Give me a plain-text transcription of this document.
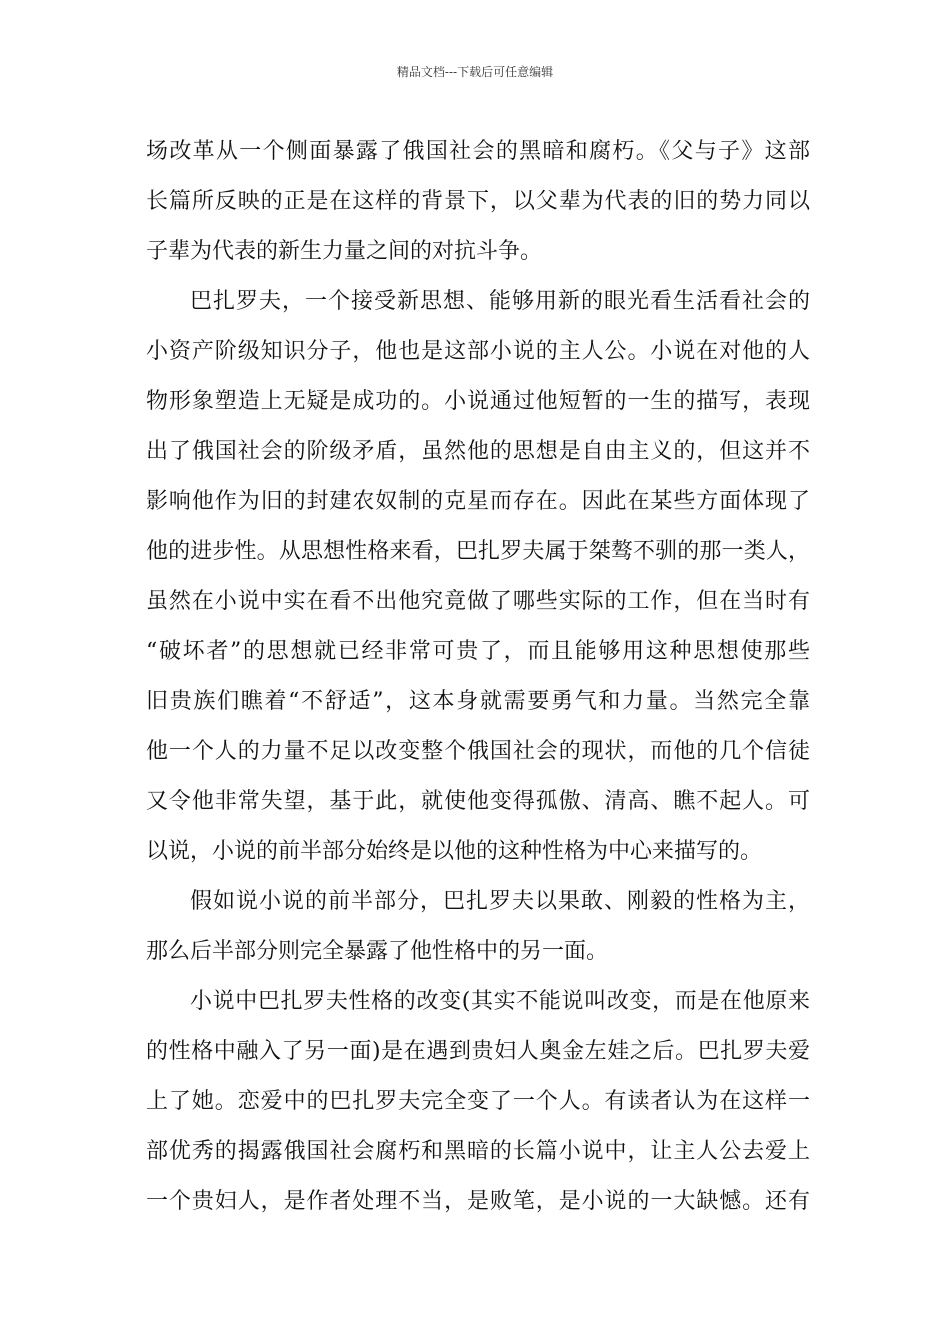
精品文档---下载后可任意编辑
场改革从一个侧面暴露了俄国社会的黑暗和腐朽。《父与子》这部
长篇所反映的正是在这样的背景下，以父辈为代表的旧的势力同以
子辈为代表的新生力量之间的对抗斗争。
巴扎罗夫，一个接受新思想、能够用新的眼光看生活看社会的
小资产阶级知识分子，他也是这部小说的主人公。小说在对他的人
物形象塑造上无疑是成功的。小说通过他短暂的一生的描写，表现
出了俄国社会的阶级矛盾，虽然他的思想是自由主义的，但这并不
影响他作为旧的封建农奴制的克星而存在。因此在某些方面体现了
他的进步性。从思想性格来看，巴扎罗夫属于桀骜不驯的那一类人，
虽然在小说中实在看不出他究竟做了哪些实际的工作，但在当时有
“破坏者”的思想就已经非常可贵了，而且能够用这种思想使那些
旧贵族们瞧着“不舒适”，这本身就需要勇气和力量。当然完全靠
他一个人的力量不足以改变整个俄国社会的现状，而他的几个信徒
又令他非常失望，基于此，就使他变得孤傲、清高、瞧不起人。可
以说，小说的前半部分始终是以他的这种性格为中心来描写的。
假如说小说的前半部分，巴扎罗夫以果敢、刚毅的性格为主，
那么后半部分则完全暴露了他性格中的另一面。
小说中巴扎罗夫性格的改变(其实不能说叫改变，而是在他原来
的性格中融入了另一面)是在遇到贵妇人奥金左娃之后。巴扎罗夫爱
上了她。恋爱中的巴扎罗夫完全变了一个人。有读者认为在这样一
部优秀的揭露俄国社会腐朽和黑暗的长篇小说中，让主人公去爱上
一个贵妇人，是作者处理不当，是败笔，是小说的一大缺憾。还有
